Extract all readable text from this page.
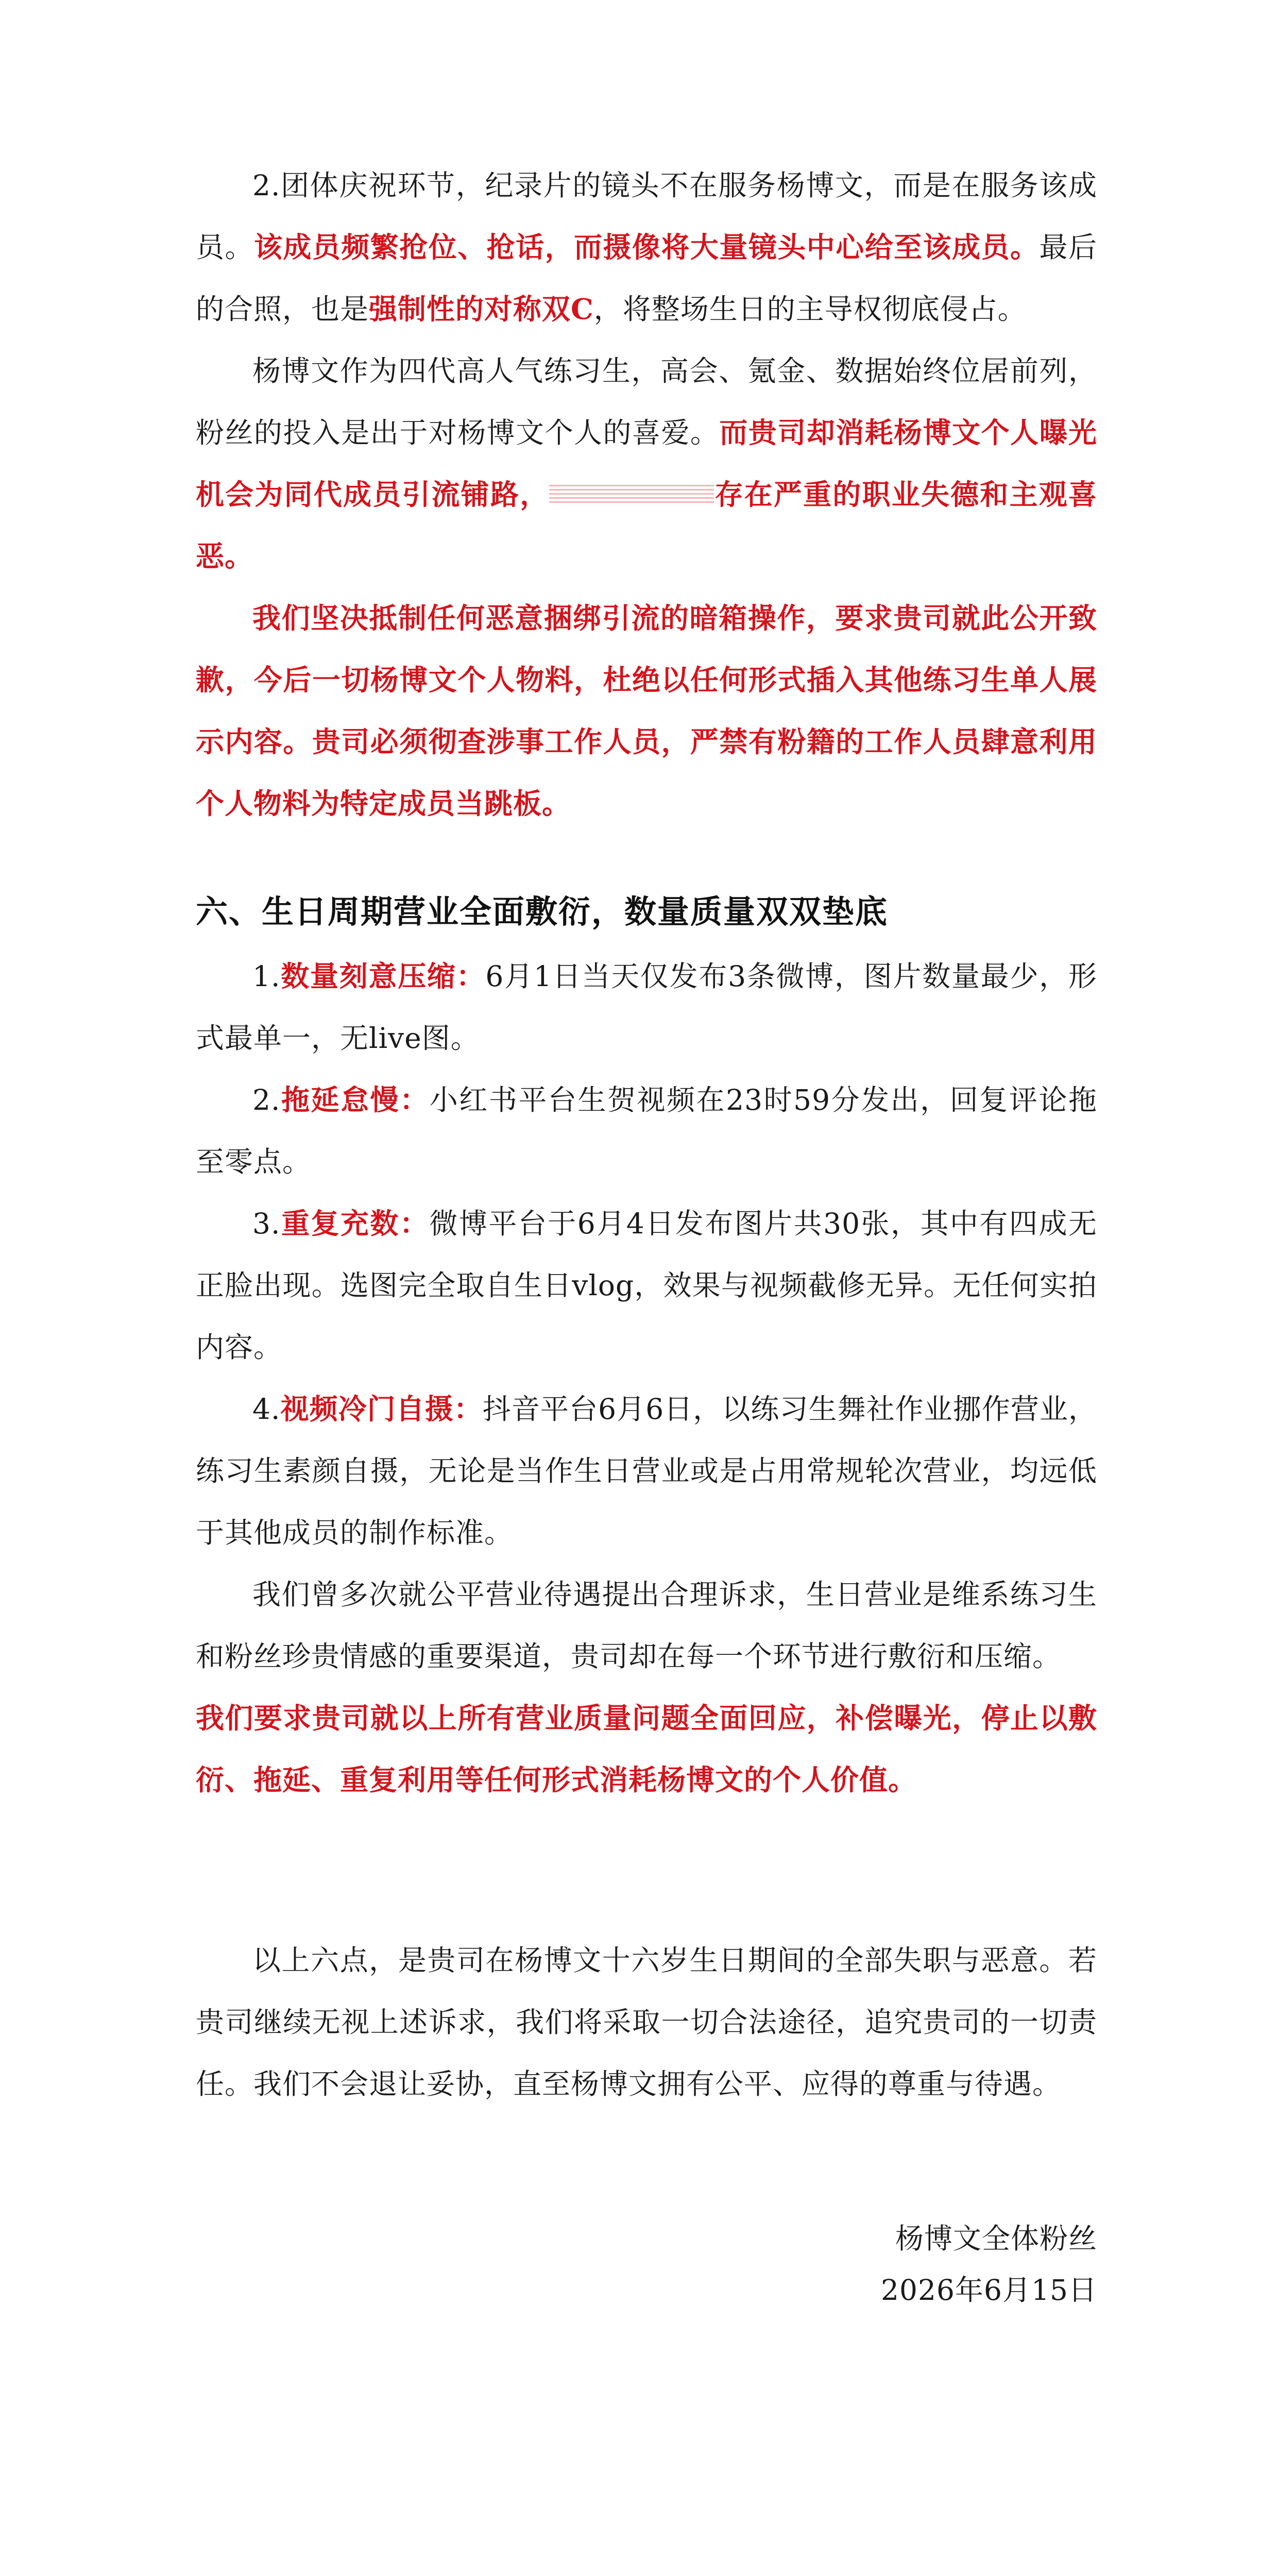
2.团体庆祝环节，纪录片的镜头不在服务杨博文，而是在服务该成员。该成员频繁抢位、抢话，而摄像将大量镜头中心给至该成员。最后的合照，也是强制性的对称双C，将整场生日的主导权彻底侵占。

杨博文作为四代高人气练习生，高会、氪金、数据始终位居前列，粉丝的投入是出于对杨博文个人的喜爱。而贵司却消耗杨博文个人曝光机会为同代成员引流铺路，	存在严重的职业失德和主观喜恶。

我们坚决抵制任何恶意捆绑引流的暗箱操作，要求贵司就此公开致歉，今后一切杨博文个人物料，杜绝以任何形式插入其他练习生单人展示内容。贵司必须彻查涉事工作人员，严禁有粉籍的工作人员肆意利用个人物料为特定成员当跳板。

六、生日周期营业全面敷衍，数量质量双双垫底

1.数量刻意压缩：6月1日当天仅发布3条微博，图片数量最少，形式最单一，无live图。

2.拖延怠慢：小红书平台生贺视频在23时59分发出，回复评论拖至零点。

3.重复充数：微博平台于6月4日发布图片共30张，其中有四成无正脸出现。选图完全取自生日vlog，效果与视频截修无异。无任何实拍内容。

4.视频冷门自摄：抖音平台6月6日，以练习生舞社作业挪作营业，练习生素颜自摄，无论是当作生日营业或是占用常规轮次营业，均远低于其他成员的制作标准。

我们曾多次就公平营业待遇提出合理诉求，生日营业是维系练习生和粉丝珍贵情感的重要渠道，贵司却在每一个环节进行敷衍和压缩。

我们要求贵司就以上所有营业质量问题全面回应，补偿曝光，停止以敷衍、拖延、重复利用等任何形式消耗杨博文的个人价值。

以上六点，是贵司在杨博文十六岁生日期间的全部失职与恶意。若贵司继续无视上述诉求，我们将采取一切合法途径，追究贵司的一切责任。我们不会退让妥协，直至杨博文拥有公平、应得的尊重与待遇。

杨博文全体粉丝
2026年6月15日
